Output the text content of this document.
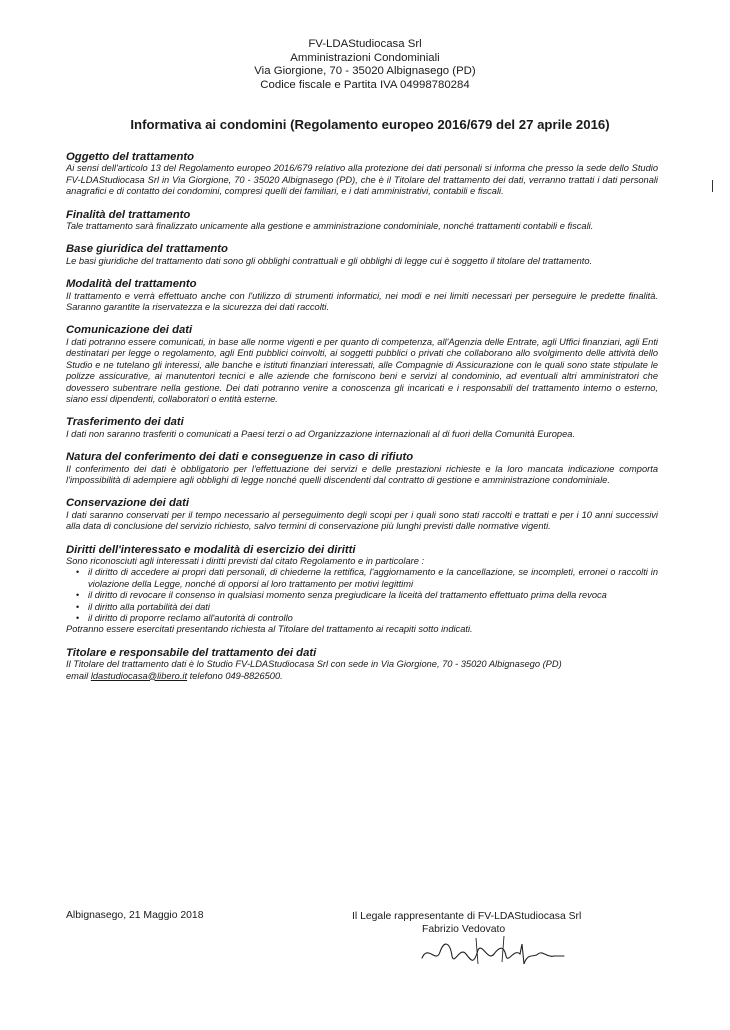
FV-LDAStudiocasa Srl
Amministrazioni Condominiali
Via Giorgione, 70 - 35020 Albignasego (PD)
Codice fiscale e Partita IVA 04998780284
Informativa ai condomini (Regolamento europeo 2016/679 del 27 aprile 2016)
Oggetto del trattamento
Ai sensi dell'articolo 13 del Regolamento europeo 2016/679 relativo alla protezione dei dati personali si informa che presso la sede dello Studio FV-LDAStudiocasa Srl in Via Giorgione, 70 - 35020 Albignasego (PD), che è il Titolare del trattamento dei dati, verranno trattati i dati personali anagrafici e di contatto dei condomini, compresi quelli dei familiari, e i dati amministrativi, contabili e fiscali.
Finalità del trattamento
Tale trattamento sarà finalizzato unicamente alla gestione e amministrazione condominiale, nonché trattamenti contabili e fiscali.
Base giuridica del trattamento
Le basi giuridiche del trattamento dati sono gli obblighi contrattuali e gli obblighi di legge cui è soggetto il titolare del trattamento.
Modalità del trattamento
Il trattamento e verrà effettuato anche con l'utilizzo di strumenti informatici, nei modi e nei limiti necessari per perseguire le predette finalità. Saranno garantite la riservatezza e la sicurezza dei dati raccolti.
Comunicazione dei dati
I dati potranno essere comunicati, in base alle norme vigenti e per quanto di competenza, all'Agenzia delle Entrate, agli Uffici finanziari, agli Enti destinatari per legge o regolamento, agli Enti pubblici coinvolti, ai soggetti pubblici o privati che collaborano allo svolgimento delle attività dello Studio e ne tutelano gli interessi, alle banche e istituti finanziari interessati, alle Compagnie di Assicurazione con le quali sono state stipulate le polizze assicurative, ai manutentori tecnici e alle aziende che forniscono beni e servizi al condominio, ad eventuali altri amministratori che dovessero subentrare nella gestione. Dei dati potranno venire a conoscenza gli incaricati e i responsabili del trattamento interno o esterno, siano essi dipendenti, collaboratori o entità esterne.
Trasferimento dei dati
I dati non saranno trasferiti o comunicati a Paesi terzi o ad Organizzazione internazionali al di fuori della Comunità Europea.
Natura del conferimento dei dati e conseguenze in caso di rifiuto
Il conferimento dei dati è obbligatorio per l'effettuazione dei servizi e delle prestazioni richieste e la loro mancata indicazione comporta l'impossibilità di adempiere agli obblighi di legge nonché quelli discendenti dal contratto di gestione e amministrazione condominiale.
Conservazione dei dati
I dati saranno conservati per il tempo necessario al perseguimento degli scopi per i quali sono stati raccolti e trattati e per i 10 anni successivi alla data di conclusione del servizio richiesto, salvo termini di conservazione più lunghi previsti dalle normative vigenti.
Diritti dell'interessato e modalità di esercizio dei diritti
Sono riconosciuti agli interessati i diritti previsti dal citato Regolamento e in particolare :
• il diritto di accedere ai propri dati personali, di chiederne la rettifica, l'aggiornamento e la cancellazione, se incompleti, erronei o raccolti in violazione della Legge, nonché di opporsi al loro trattamento per motivi legittimi
• il diritto di revocare il consenso in qualsiasi momento senza pregiudicare la liceità del trattamento effettuato prima della revoca
• il diritto alla portabilità dei dati
• il diritto di proporre reclamo all'autorità di controllo
Potranno essere esercitati presentando richiesta al Titolare del trattamento ai recapiti sotto indicati.
Titolare e responsabile del trattamento dei dati
Il Titolare del trattamento dati è lo Studio FV-LDAStudiocasa Srl con sede in Via Giorgione, 70 - 35020 Albignasego (PD)
email ldastudiocasa@libero.it telefono 049-8826500.
Albignasego, 21 Maggio 2018	Il Legale rappresentante di FV-LDAStudiocasa Srl
Fabrizio Vedovato
